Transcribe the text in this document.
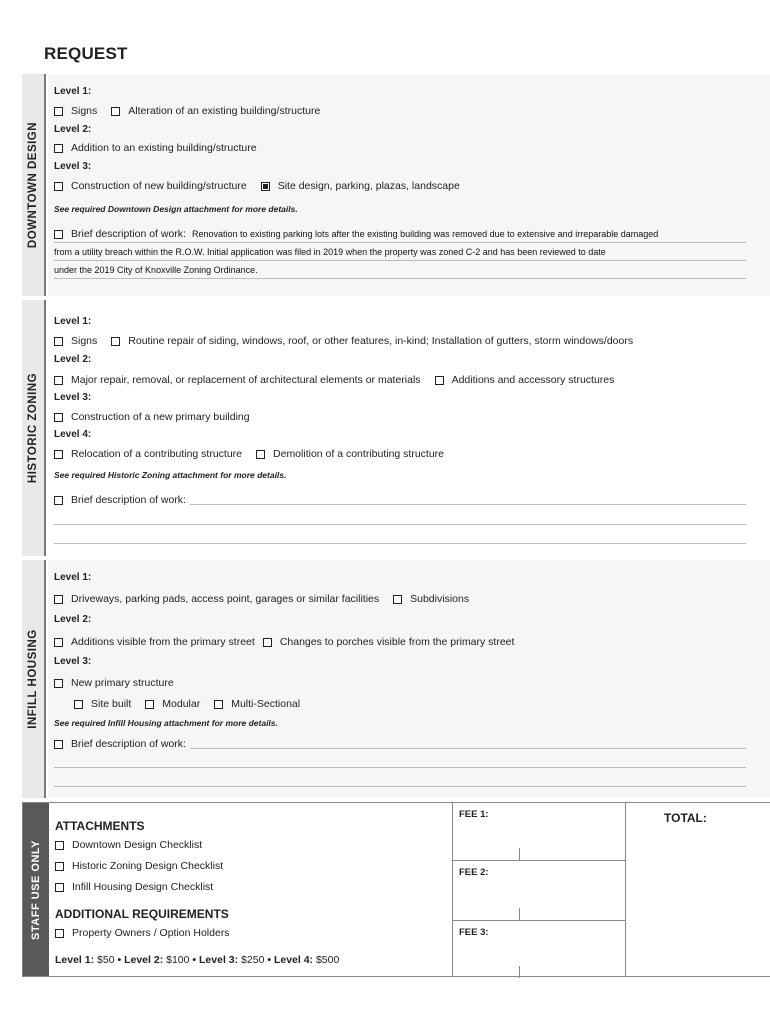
REQUEST
DOWNTOWN DESIGN
Level 1:
Signs	Alteration of an existing building/structure
Level 2:
Addition to an existing building/structure
Level 3:
Construction of new building/structure	Site design, parking, plazas, landscape
See required Downtown Design attachment for more details.
Brief description of work: Renovation to existing parking lots after the existing building was removed due to extensive and irreparable damaged
from a utility breach within the R.O.W. Initial application was filed in 2019 when the property was zoned C-2 and has been reviewed to date
under the 2019 City of Knoxville Zoning Ordinance.
HISTORIC ZONING
Level 1:
Signs	Routine repair of siding, windows, roof, or other features, in-kind; Installation of gutters, storm windows/doors
Level 2:
Major repair, removal, or replacement of architectural elements or materials	Additions and accessory structures
Level 3:
Construction of a new primary building
Level 4:
Relocation of a contributing structure	Demolition of a contributing structure
See required Historic Zoning attachment for more details.
Brief description of work:
INFILL HOUSING
Level 1:
Driveways, parking pads, access point, garages or similar facilities	Subdivisions
Level 2:
Additions visible from the primary street Changes to porches visible from the primary street
Level 3:
New primary structure
Site built	Modular	Multi-Sectional
See required Infill Housing attachment for more details.
Brief description of work:
STAFF USE ONLY
ATTACHMENTS
Downtown Design Checklist
Historic Zoning Design Checklist
Infill Housing Design Checklist
ADDITIONAL REQUIREMENTS
Property Owners / Option Holders
Level 1: $50 • Level 2: $100 • Level 3: $250 • Level 4: $500
FEE 1:
FEE 2:
FEE 3:
TOTAL:
